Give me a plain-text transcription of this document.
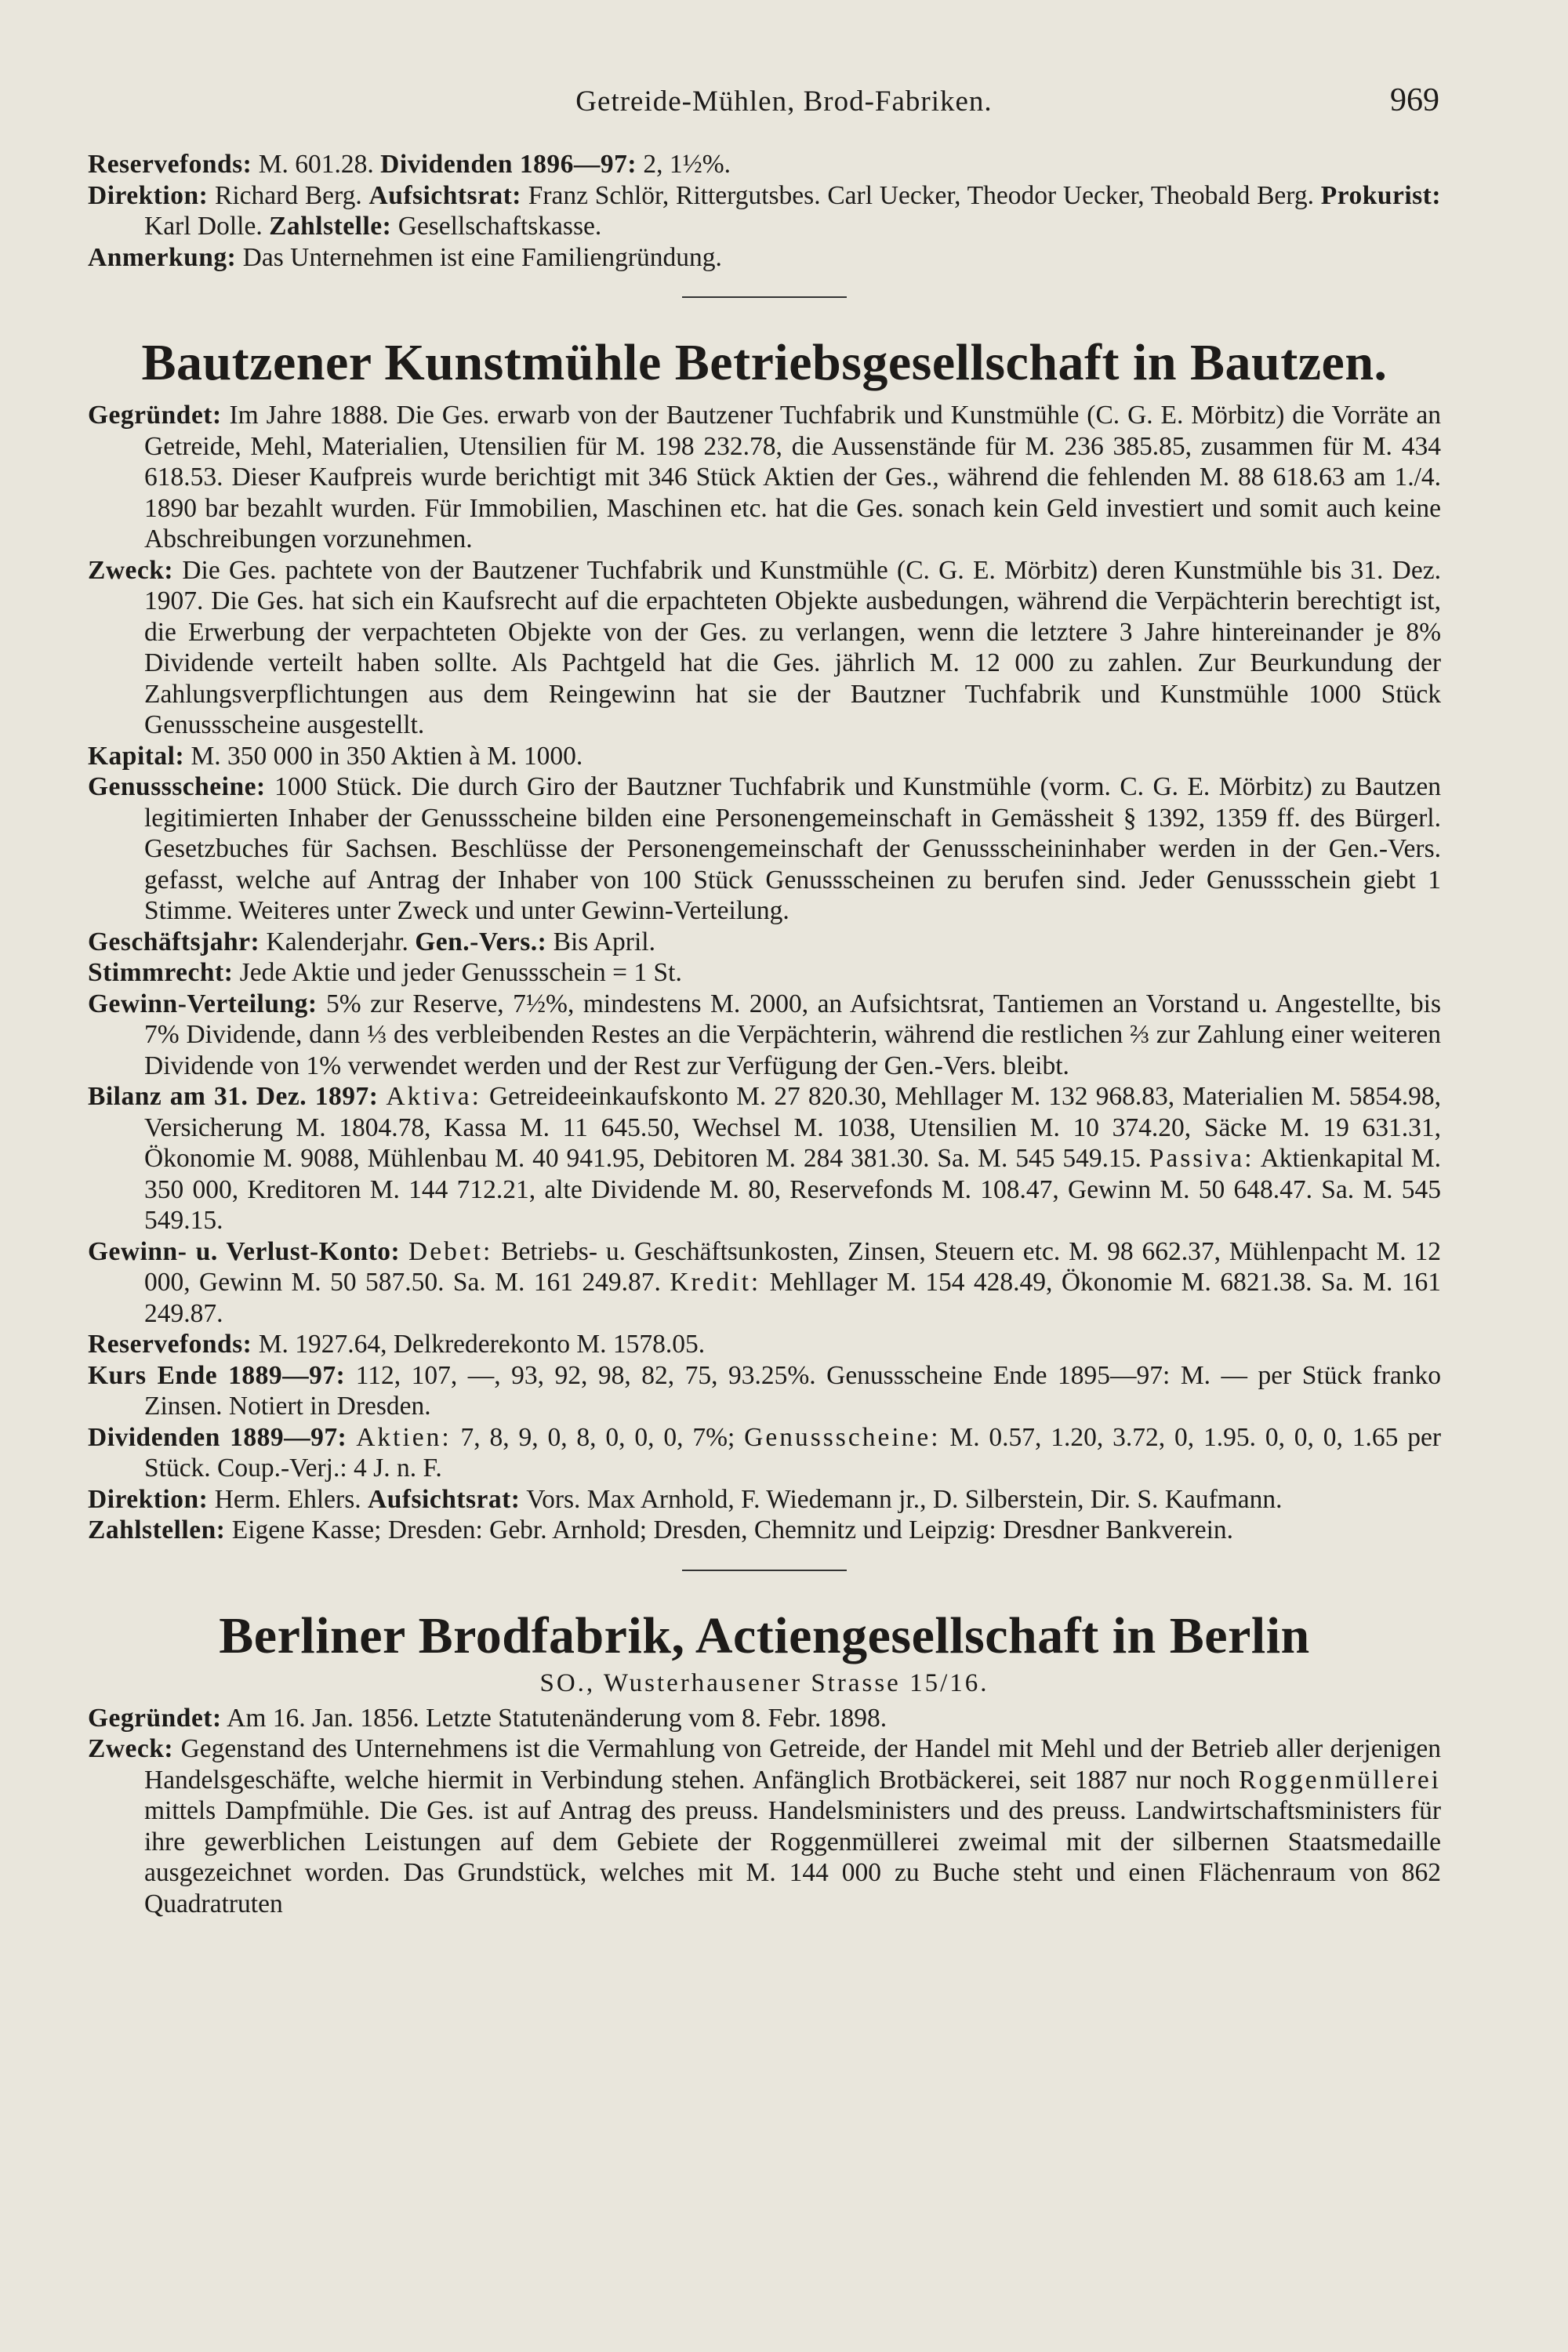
Getreide-Mühlen, Brod-Fabriken.	969

Reservefonds: M. 601.28. Dividenden 1896—97: 2, 1½%.

Direktion: Richard Berg. Aufsichtsrat: Franz Schlör, Rittergutsbes. Carl Uecker, Theodor Uecker, Theobald Berg. Prokurist: Karl Dolle. Zahlstelle: Gesellschaftskasse.

Anmerkung: Das Unternehmen ist eine Familiengründung.

Bautzener Kunstmühle Betriebsgesellschaft in Bautzen.

Gegründet: Im Jahre 1888. Die Ges. erwarb von der Bautzener Tuchfabrik und Kunstmühle (C. G. E. Mörbitz) die Vorräte an Getreide, Mehl, Materialien, Utensilien für M. 198 232.78, die Aussenstände für M. 236 385.85, zusammen für M. 434 618.53. Dieser Kaufpreis wurde berichtigt mit 346 Stück Aktien der Ges., während die fehlenden M. 88 618.63 am 1./4. 1890 bar bezahlt wurden. Für Immobilien, Maschinen etc. hat die Ges. sonach kein Geld investiert und somit auch keine Abschreibungen vorzunehmen.

Zweck: Die Ges. pachtete von der Bautzener Tuchfabrik und Kunstmühle (C. G. E. Mörbitz) deren Kunstmühle bis 31. Dez. 1907. Die Ges. hat sich ein Kaufsrecht auf die erpachteten Objekte ausbedungen, während die Verpächterin berechtigt ist, die Erwerbung der verpachteten Objekte von der Ges. zu verlangen, wenn die letztere 3 Jahre hintereinander je 8% Dividende verteilt haben sollte. Als Pachtgeld hat die Ges. jährlich M. 12 000 zu zahlen. Zur Beurkundung der Zahlungsverpflichtungen aus dem Reingewinn hat sie der Bautzner Tuchfabrik und Kunstmühle 1000 Stück Genussscheine ausgestellt.

Kapital: M. 350 000 in 350 Aktien à M. 1000.

Genussscheine: 1000 Stück. Die durch Giro der Bautzner Tuchfabrik und Kunstmühle (vorm. C. G. E. Mörbitz) zu Bautzen legitimierten Inhaber der Genussscheine bilden eine Personengemeinschaft in Gemässheit § 1392, 1359 ff. des Bürgerl. Gesetzbuches für Sachsen. Beschlüsse der Personengemeinschaft der Genussscheininhaber werden in der Gen.-Vers. gefasst, welche auf Antrag der Inhaber von 100 Stück Genussscheinen zu berufen sind. Jeder Genussschein giebt 1 Stimme. Weiteres unter Zweck und unter Gewinn-Verteilung.

Geschäftsjahr: Kalenderjahr. Gen.-Vers.: Bis April.

Stimmrecht: Jede Aktie und jeder Genussschein = 1 St.

Gewinn-Verteilung: 5% zur Reserve, 7½%, mindestens M. 2000, an Aufsichtsrat, Tantiemen an Vorstand u. Angestellte, bis 7% Dividende, dann ⅓ des verbleibenden Restes an die Verpächterin, während die restlichen ⅔ zur Zahlung einer weiteren Dividende von 1% verwendet werden und der Rest zur Verfügung der Gen.-Vers. bleibt.

Bilanz am 31. Dez. 1897: Aktiva: Getreideeinkaufskonto M. 27 820.30, Mehllager M. 132 968.83, Materialien M. 5854.98, Versicherung M. 1804.78, Kassa M. 11 645.50, Wechsel M. 1038, Utensilien M. 10 374.20, Säcke M. 19 631.31, Ökonomie M. 9088, Mühlenbau M. 40 941.95, Debitoren M. 284 381.30. Sa. M. 545 549.15. Passiva: Aktienkapital M. 350 000, Kreditoren M. 144 712.21, alte Dividende M. 80, Reservefonds M. 108.47, Gewinn M. 50 648.47. Sa. M. 545 549.15.

Gewinn- u. Verlust-Konto: Debet: Betriebs- u. Geschäftsunkosten, Zinsen, Steuern etc. M. 98 662.37, Mühlenpacht M. 12 000, Gewinn M. 50 587.50. Sa. M. 161 249.87. Kredit: Mehllager M. 154 428.49, Ökonomie M. 6821.38. Sa. M. 161 249.87.

Reservefonds: M. 1927.64, Delkrederekonto M. 1578.05.

Kurs Ende 1889—97: 112, 107, —, 93, 92, 98, 82, 75, 93.25%. Genussscheine Ende 1895—97: M. — per Stück franko Zinsen. Notiert in Dresden.

Dividenden 1889—97: Aktien: 7, 8, 9, 0, 8, 0, 0, 0, 7%; Genussscheine: M. 0.57, 1.20, 3.72, 0, 1.95. 0, 0, 0, 1.65 per Stück. Coup.-Verj.: 4 J. n. F.

Direktion: Herm. Ehlers. Aufsichtsrat: Vors. Max Arnhold, F. Wiedemann jr., D. Silberstein, Dir. S. Kaufmann.

Zahlstellen: Eigene Kasse; Dresden: Gebr. Arnhold; Dresden, Chemnitz und Leipzig: Dresdner Bankverein.

Berliner Brodfabrik, Actiengesellschaft in Berlin
SO., Wusterhausener Strasse 15/16.

Gegründet: Am 16. Jan. 1856. Letzte Statutenänderung vom 8. Febr. 1898.

Zweck: Gegenstand des Unternehmens ist die Vermahlung von Getreide, der Handel mit Mehl und der Betrieb aller derjenigen Handelsgeschäfte, welche hiermit in Verbindung stehen. Anfänglich Brotbäckerei, seit 1887 nur noch Roggenmüllerei mittels Dampfmühle. Die Ges. ist auf Antrag des preuss. Handelsministers und des preuss. Landwirtschaftsministers für ihre gewerblichen Leistungen auf dem Gebiete der Roggenmüllerei zweimal mit der silbernen Staatsmedaille ausgezeichnet worden. Das Grundstück, welches mit M. 144 000 zu Buche steht und einen Flächenraum von 862 Quadratruten
